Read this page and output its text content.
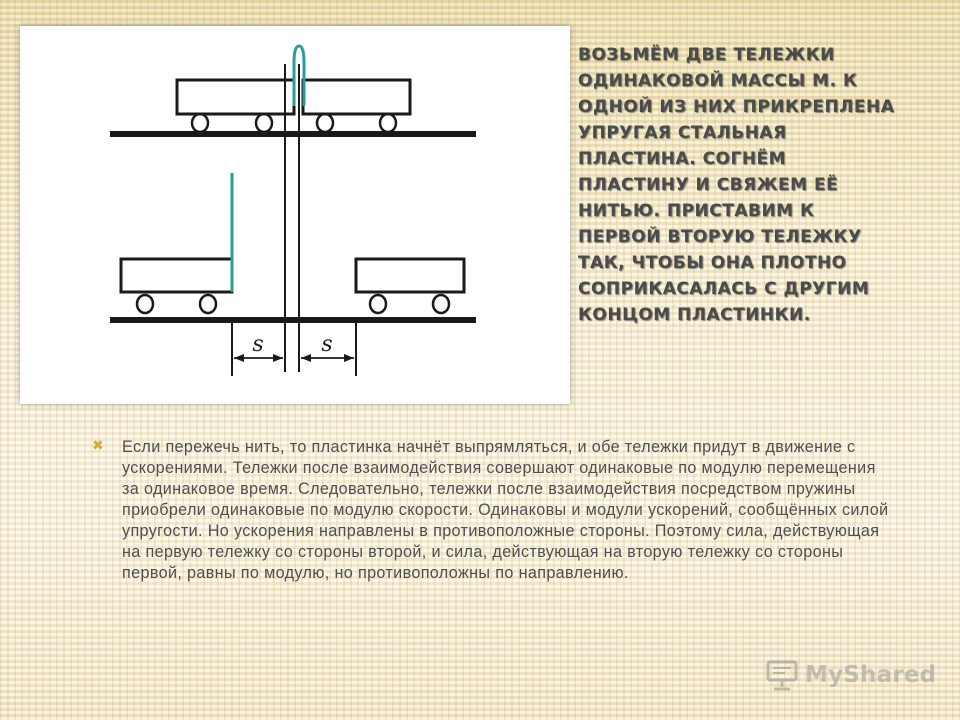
s	s
ВОЗЬМЁМ ДВЕ ТЕЛЕЖКИ ОДИНАКОВОЙ МАССЫ M. К ОДНОЙ ИЗ НИХ ПРИКРЕПЛЕНА УПРУГАЯ СТАЛЬНАЯ ПЛАСТИНА. СОГНЁМ ПЛАСТИНУ И СВЯЖЕМ ЕЁ НИТЬЮ. ПРИСТАВИМ К ПЕРВОЙ ВТОРУЮ ТЕЛЕЖКУ ТАК, ЧТОБЫ ОНА ПЛОТНО СОПРИКАСАЛАСЬ С ДРУГИМ КОНЦОМ ПЛАСТИНКИ.
✖ Если пережечь нить, то пластинка начнёт выпрямляться, и обе тележки придут в движение с ускорениями. Тележки после взаимодействия совершают одинаковые по модулю перемещения за одинаковое время. Следовательно, тележки после взаимодействия посредством пружины приобрели одинаковые по модулю скорости. Одинаковы и модули ускорений, сообщённых силой упругости. Но ускорения направлены в противоположные стороны. Поэтому сила, действующая на первую тележку со стороны второй, и сила, действующая на вторую тележку со стороны первой, равны по модулю, но противоположны по направлению.
MyShared
